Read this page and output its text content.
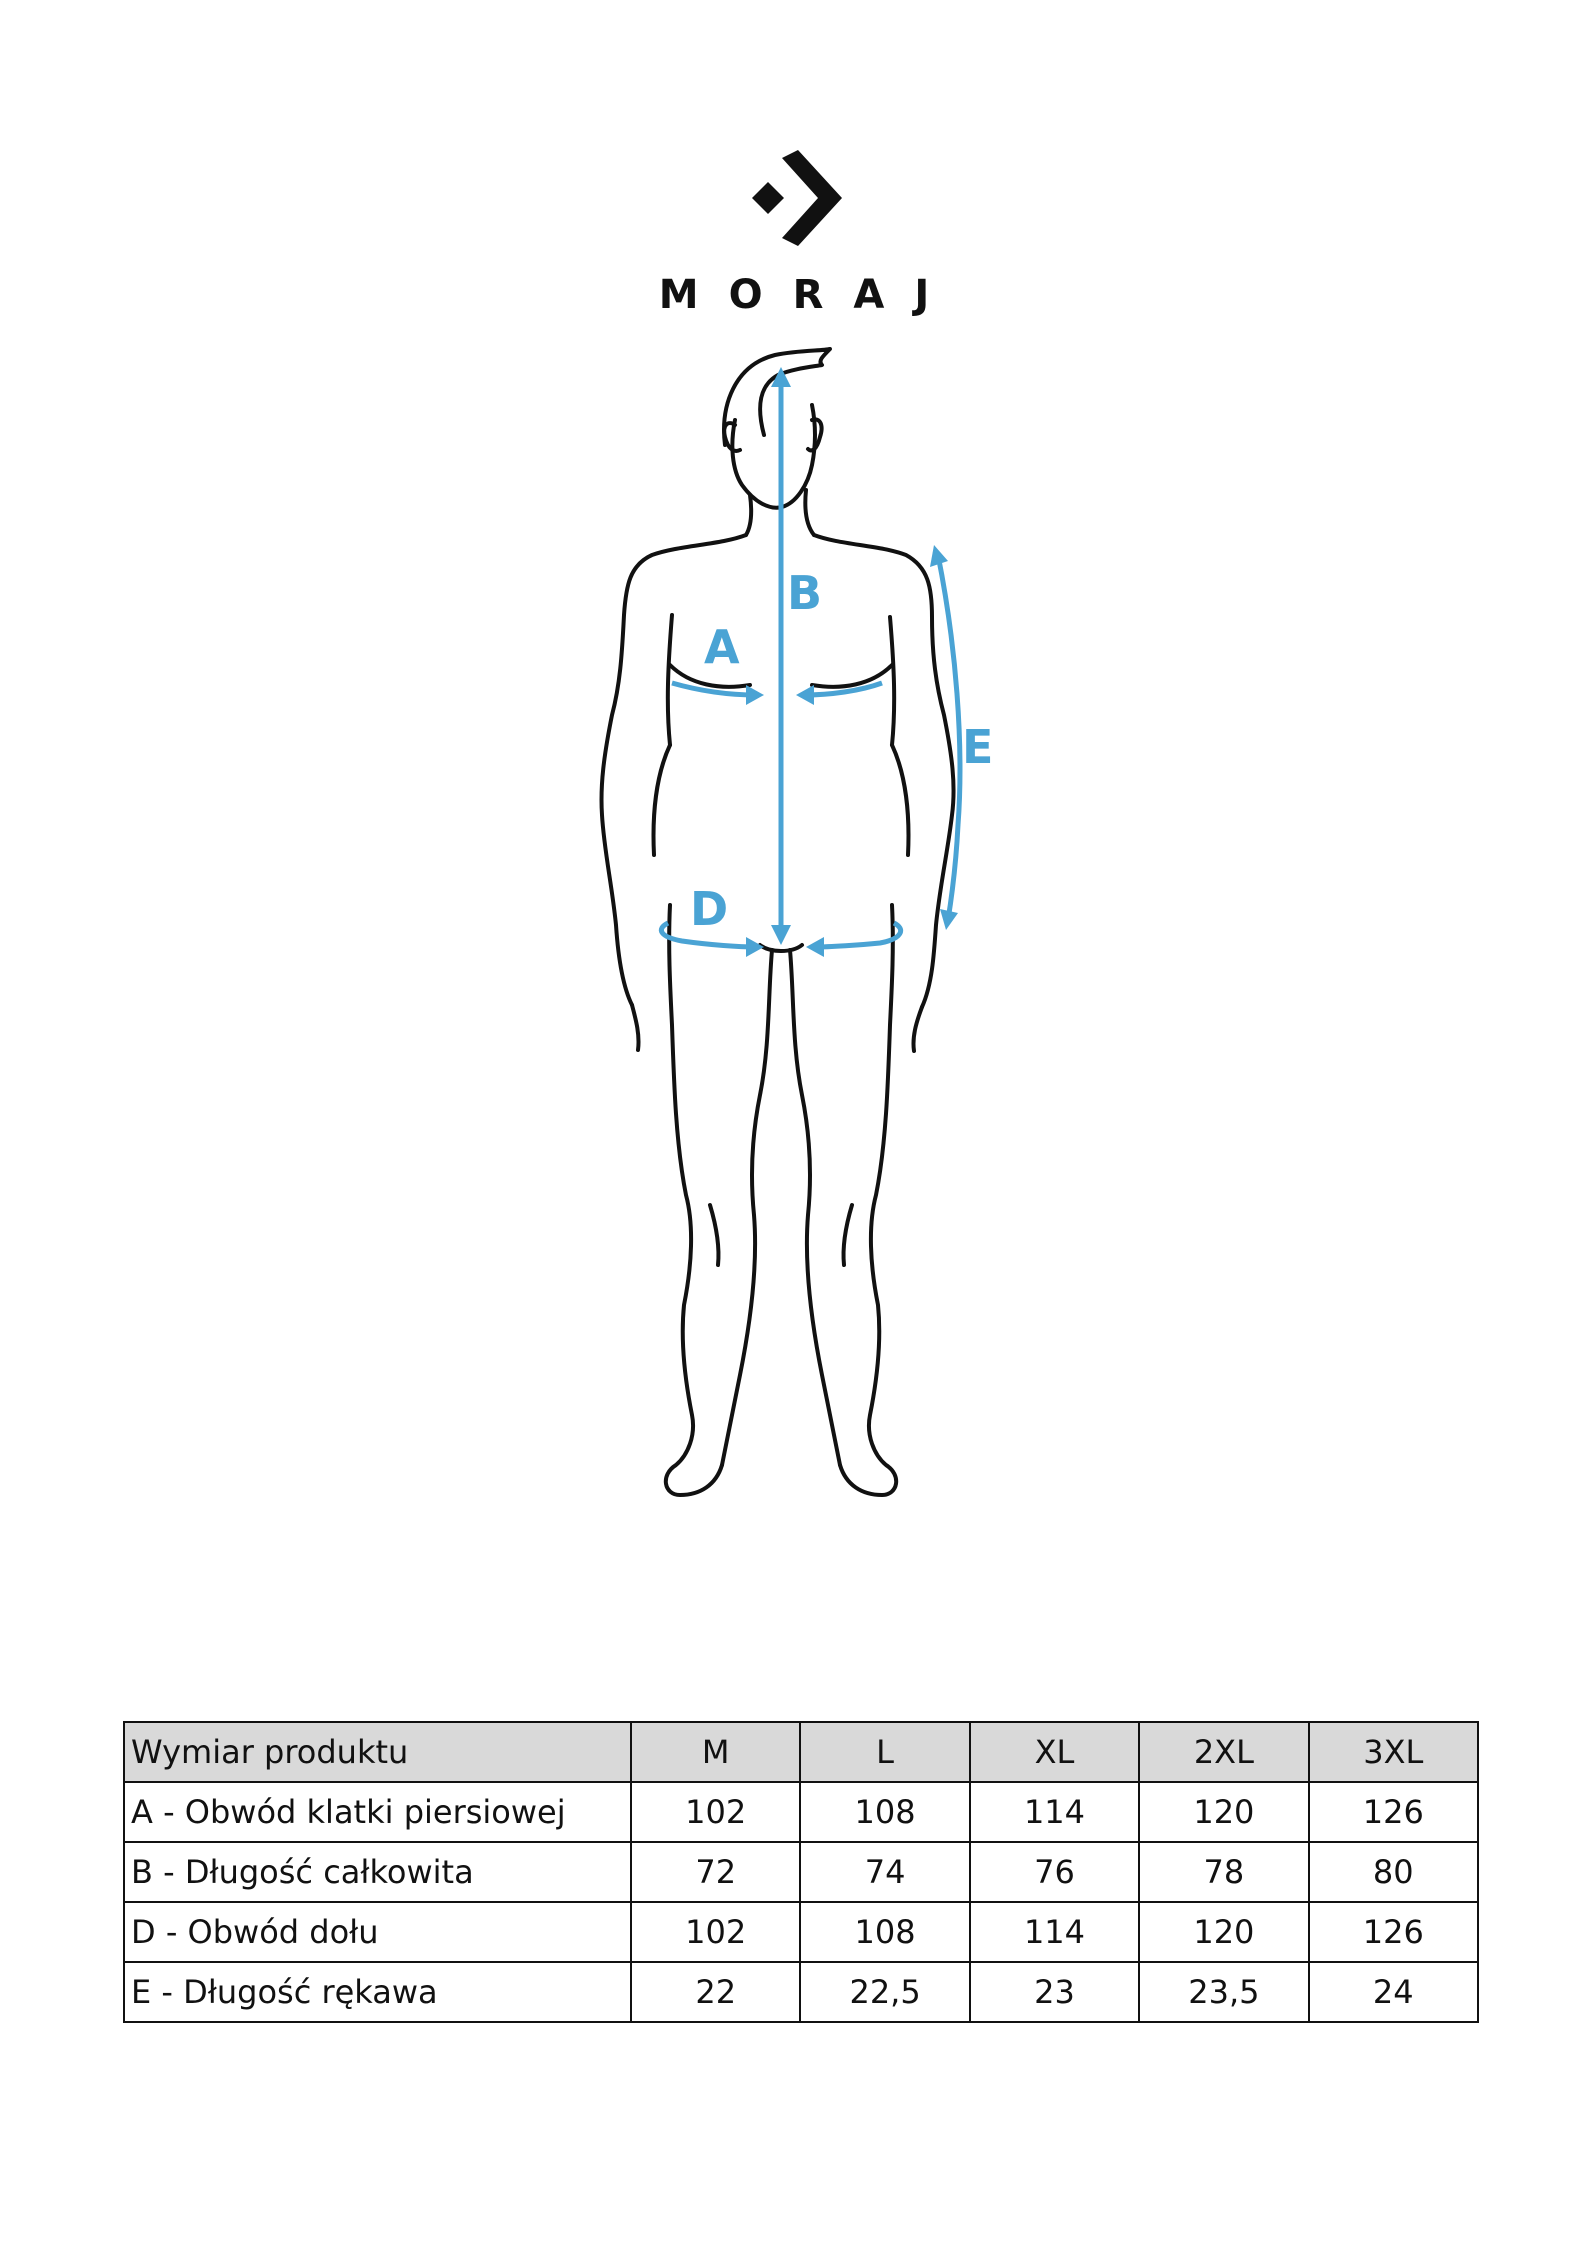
MORAJ
A
B
D
E
Wymiar produktu	M	L	XL	2XL	3XL
A - Obwód klatki piersiowej	102	108	114	120	126
B - Długość całkowita	72	74	76	78	80
D - Obwód dołu	102	108	114	120	126
E - Długość rękawa	22	22,5	23	23,5	24
